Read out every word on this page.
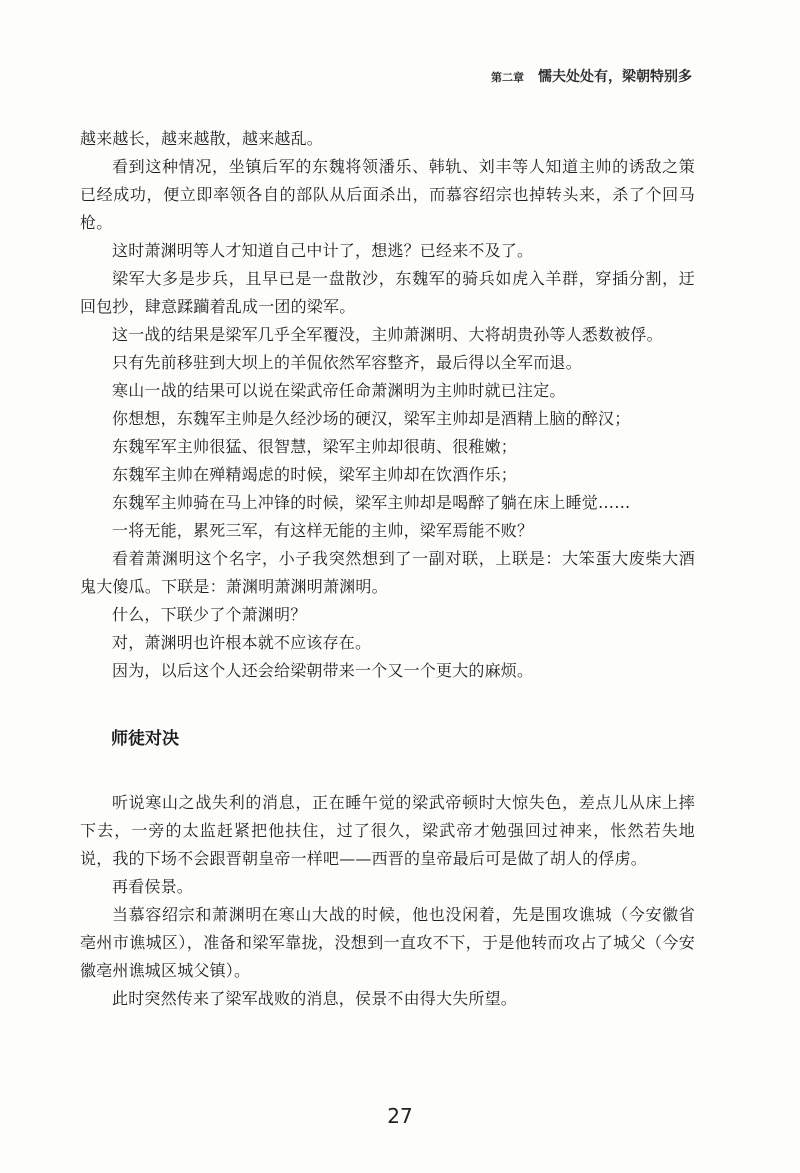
第二章 懦夫处处有，梁朝特别多

越来越长，越来越散，越来越乱。

看到这种情况，坐镇后军的东魏将领潘乐、韩轨、刘丰等人知道主帅的诱敌之策已经成功，便立即率领各自的部队从后面杀出，而慕容绍宗也掉转头来，杀了个回马枪。

这时萧渊明等人才知道自己中计了，想逃？已经来不及了。

梁军大多是步兵，且早已是一盘散沙，东魏军的骑兵如虎入羊群，穿插分割，迂回包抄，肆意蹂躏着乱成一团的梁军。

这一战的结果是梁军几乎全军覆没，主帅萧渊明、大将胡贵孙等人悉数被俘。

只有先前移驻到大坝上的羊侃依然军容整齐，最后得以全军而退。

寒山一战的结果可以说在梁武帝任命萧渊明为主帅时就已注定。

你想想，东魏军主帅是久经沙场的硬汉，梁军主帅却是酒精上脑的醉汉；

东魏军军主帅很猛、很智慧，梁军主帅却很萌、很稚嫩；

东魏军主帅在殚精竭虑的时候，梁军主帅却在饮酒作乐；

东魏军主帅骑在马上冲锋的时候，梁军主帅却是喝醉了躺在床上睡觉……

一将无能，累死三军，有这样无能的主帅，梁军焉能不败？

看着萧渊明这个名字，小子我突然想到了一副对联，上联是：大笨蛋大废柴大酒鬼大傻瓜。下联是：萧渊明萧渊明萧渊明。

什么，下联少了个萧渊明？

对，萧渊明也许根本就不应该存在。

因为，以后这个人还会给梁朝带来一个又一个更大的麻烦。

师徒对决

听说寒山之战失利的消息，正在睡午觉的梁武帝顿时大惊失色，差点儿从床上摔下去，一旁的太监赶紧把他扶住，过了很久，梁武帝才勉强回过神来，怅然若失地说，我的下场不会跟晋朝皇帝一样吧——西晋的皇帝最后可是做了胡人的俘虏。

再看侯景。

当慕容绍宗和萧渊明在寒山大战的时候，他也没闲着，先是围攻谯城（今安徽省亳州市谯城区），准备和梁军靠拢，没想到一直攻不下，于是他转而攻占了城父（今安徽亳州谯城区城父镇）。

此时突然传来了梁军战败的消息，侯景不由得大失所望。

27
